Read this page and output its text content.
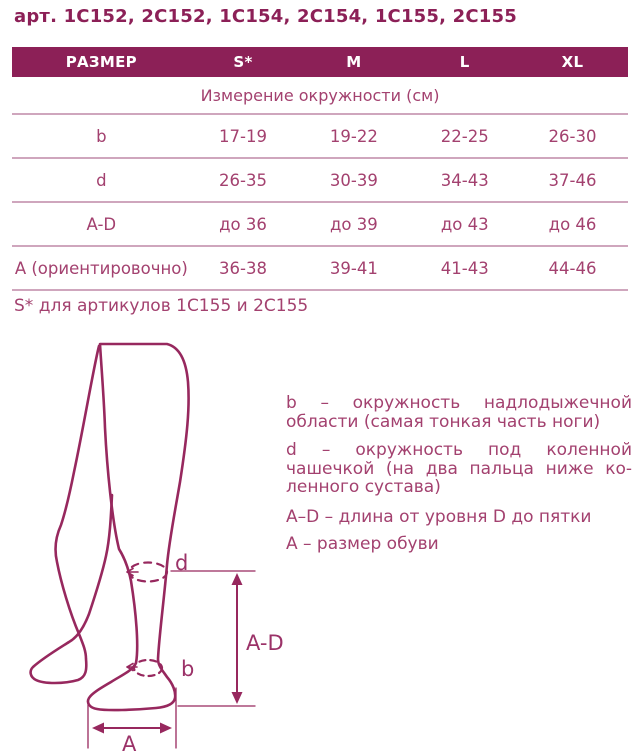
арт. 1С152, 2С152, 1С154, 2С154, 1С155, 2С155
РАЗМЕР	S*	M	L	XL
Измерение окружности (см)
b	17-19	19-22	22-25	26-30
d	26-35	30-39	34-43	37-46
A-D	до 36	до 39	до 43	до 46
A (ориентировочно)	36-38	39-41	41-43	44-46
S* для артикулов 1С155 и 2С155
d
b
A-D
A

b – окружность надлодыжечной
области (самая тонкая часть ноги)

d – окружность под коленной
чашечкой (на два пальца ниже ко-
ленного сустава)

A–D – длина от уровня D до пятки

A – размер обуви
